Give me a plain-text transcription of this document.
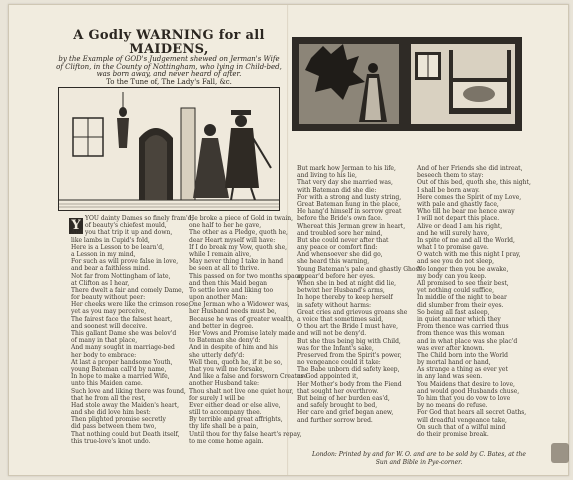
A Godly WARNING for all MAIDENS,
by the Example of GOD's Judgement shewed on Jerman's Wife
of Clifton, in the County of Nottingham, who lying in Child-bed,
was born away, and never heard of after.
To the Tune of, The Lady's Fall, &c.
Y YOU dainty Dames so finely fram'd,
of beauty's chiefest mould,
And you that trip it up and down,
like lambs in Cupid's fold,
Here is a Lesson to be learn'd,
a Lesson in my mind,
For such as will prove false in love,
and bear a faithless mind.
Not far from Nottingham of late,
at Clifton as I hear,
There dwelt a fair and comely Dame,
for beauty without peer:
Her cheeks were like the crimson rose,
yet as you may perceive,
The fairest face the falsest heart,
and soonest will deceive.
This gallant Dame she was belov'd
of many in that place,
And many sought in marriage-bed
her body to embrace:
At last a proper handsome Youth,
young Bateman call'd by name,
In hope to make a married Wife,
unto this Maiden came.
Such love and liking there was found,
that he from all the rest,
Had stole away the Maiden's heart,
and she did love him best:
Then plighted promise secretly
did pass between them two,
That nothing could but Death itself,
this true-love's knot undo.
He broke a piece of Gold in twain,
one half to her he gave,
The other as a Pledge, quoth he,
dear Heart myself will have:
If I do break my Vow, quoth she,
while I remain alive,
May never thing I take in hand
be seen at all to thrive.
This passed on for two months space,
and then this Maid began
To settle love and liking too
upon another Man:
One Jerman who a Widower was,
her Husband needs must be,
Because he was of greater wealth,
and better in degree.
Her Vows and Promise lately made
to Bateman she deny'd:
And in despite of him and his
she utterly defy'd:
Well then, quoth he, if it be so,
that you will me forsake,
And like a false and forsworn Creature
another Husband take:
Thou shalt not live one quiet hour,
for surely I will be
Ever either dead or else alive,
still to accompany thee.
By terrible and great affrights,
thy life shall be a pain,
Until thou for thy false heart's repay,
to me come home again.
But mark how Jerman to his life,
and living to his lie,
That very day she married was,
with Bateman did she die:
For with a strong and lusty string,
Great Bateman hung in the place,
He hang'd himself in sorrow great
before the Bride's own face.
Whereat this Jerman grew in heart,
and troubled sore her mind,
But she could never after that
any peace or comfort find:
And whensoever she did go,
she heard this warning,
Young Bateman's pale and ghastly Ghost
appear'd before her eyes.
When she in bed at night did lie,
betwixt her Husband's arms,
In hope thereby to keep herself
in safety without harms:
Great cries and grievous groans she
a voice that sometimes said,
O thou art the Bride I must have,
and will not be deny'd.
But she thus being big with Child,
was for the Infant's sake,
Preserved from the Spirit's power,
no vengeance could it take:
The Babe unborn did safety keep,
as God appointed it,
Her Mother's body from the Fiend
that sought her overthrow.
But being of her burden eas'd,
and safely brought to bed,
Her care and grief began anew,
and further sorrow bred.
And of her Friends she did intreat,
beseech them to stay:
Out of this bed, quoth she, this night,
I shall be born away.
Here comes the Spirit of my Love,
with pale and ghastly face,
Who till he bear me hence away
I will not depart this place.
Alive or dead I am his right,
and he will surely have,
In spite of me and all the World,
what I to promise gave.
O watch with me this night I pray,
and see you do not sleep,
No longer then you be awake,
my body can you keep.
All promised to see their best,
yet nothing could suffice,
In middle of the night to bear
did slumber from their eyes.
So being all fast asleep,
in quiet manner which they
From thence was carried thus
from thence was this woman
and in what place was she plac'd
was ever after known.
The Child born into the World
by mortal hand or hand,
As strange a thing as ever yet
in any land was seen.
You Maidens that desire to love,
and would good Husbands chuse,
To him that you do vow to love
by no means do refuse.
For God that hears all secret Oaths,
will dreadful vengeance take,
On such that of a wilful mind
do their promise break.
London: Printed by and for W. O. and are to be sold by C. Bates, at the
Sun and Bible in Pye-corner.
